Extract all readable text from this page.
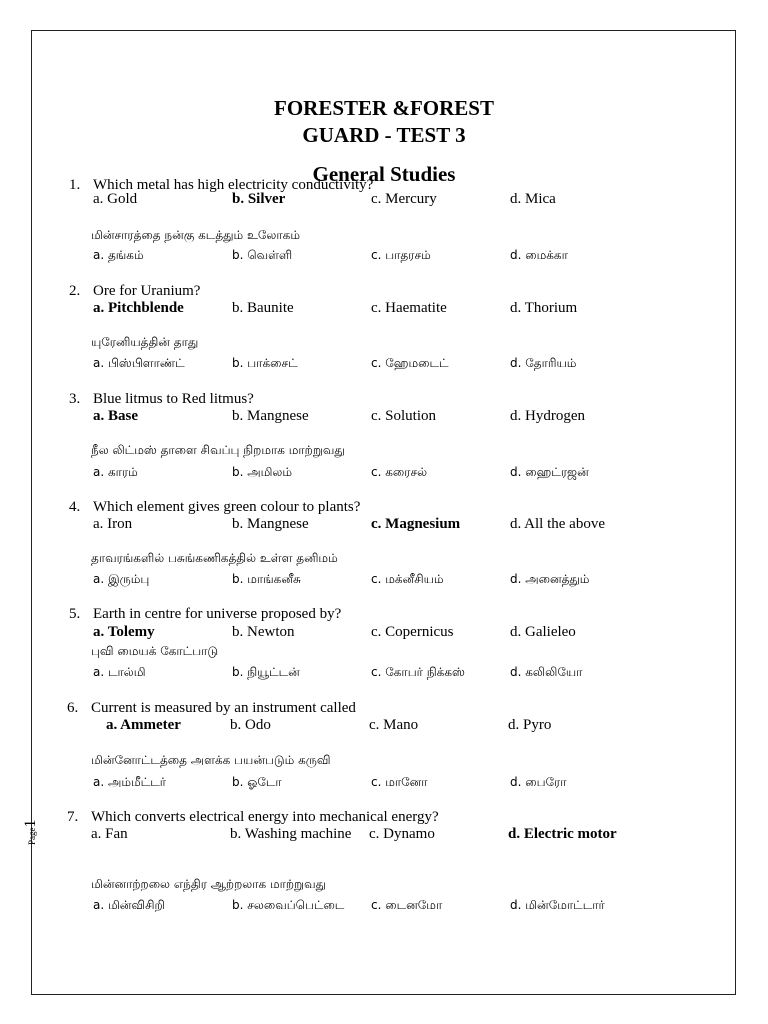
FORESTER &FOREST
GUARD - TEST 3
General Studies
Page1
1. Which metal has high electricity conductivity?
a. Gold	b. Silver	c. Mercury	d. Mica
மின்சாரத்தை நன்கு கடத்தும் உலோகம்
a. தங்கம்	b. வெள்ளி	c. பாதரசம்	d. மைக்கா
2. Ore for Uranium?
a. Pitchblende	b. Baunite	c. Haematite	d. Thorium
யுரேனியத்தின் தாது
a. பிஸ்பிளாண்ட்	b. பாக்சைட்	c. ஹேமடைட்	d. தோரியம்
3. Blue litmus to Red litmus?
a. Base	b. Mangnese	c. Solution	d. Hydrogen
நீல லிட்மஸ் தாளை சிவப்பு நிறமாக மாற்றுவது
a. காரம்	b. அமிலம்	c. கரைசல்	d. ஹைட்ரஜன்
4. Which element gives green colour to plants?
a. Iron	b. Mangnese	c. Magnesium	d. All the above
தாவரங்களில் பசுங்கணிகத்தில் உள்ள தனிமம்
a. இரும்பு	b. மாங்கனீசு	c. மக்னீசியம்	d. அனைத்தும்
5. Earth in centre for universe proposed by?
a. Tolemy	b. Newton	c. Copernicus	d. Galieleo
புவி மையக் கோட்பாடு
a. டால்மி	b. நியூட்டன்	c. கோபர் நிக்கஸ்	d. கலிலியோ
6. Current is measured by an instrument called
a. Ammeter	b. Odo	c. Mano	d. Pyro
மின்னோட்டத்தை அளக்க பயன்படும் கருவி
a. அம்மீட்டர்	b. ஓடோ	c. மானோ	d. பைரோ
7. Which converts electrical energy into mechanical energy?
a. Fan	b. Washing machine c. Dynamo	d. Electric motor
மின்னாற்றலை எந்திர ஆற்றலாக மாற்றுவது
a. மின்விசிறி	b. சலவைப்பெட்டை c. டைனமோ	d. மின்மோட்டார்
